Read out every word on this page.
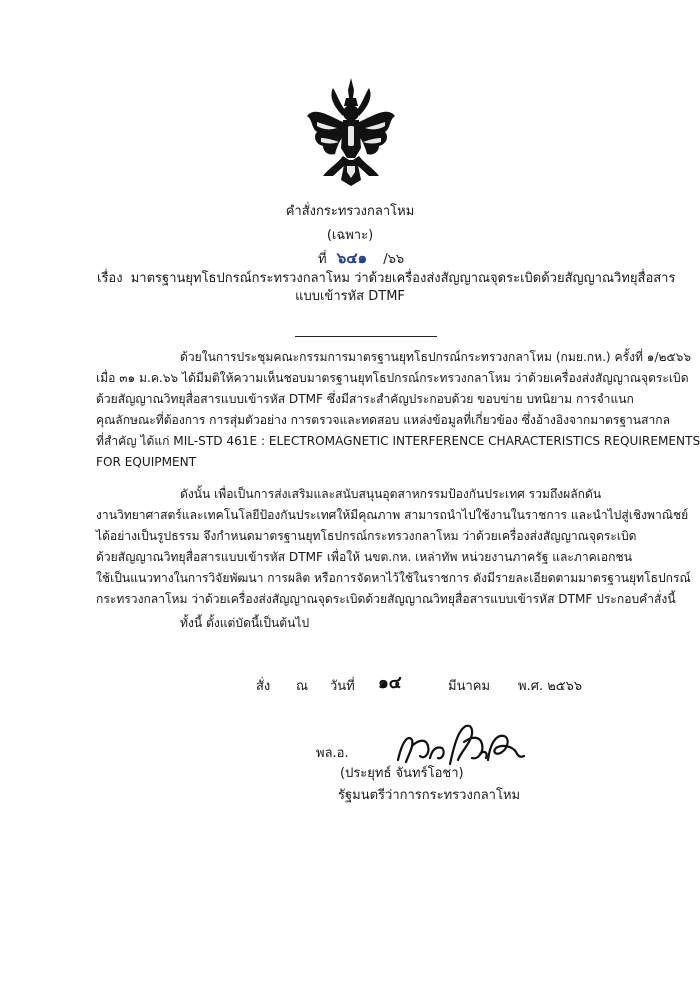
คำสั่งกระทรวงกลาโหม
(เฉพาะ)
ที่ ๖๔๑ /๖๖
เรื่อง มาตรฐานยุทโธปกรณ์กระทรวงกลาโหม ว่าด้วยเครื่องส่งสัญญาณจุดระเบิดด้วยสัญญาณวิทยุสื่อสาร
แบบเข้ารหัส DTMF
ด้วยในการประชุมคณะกรรมการมาตรฐานยุทโธปกรณ์กระทรวงกลาโหม (กมย.กห.) ครั้งที่ ๑/๒๕๖๖
เมื่อ ๓๑ ม.ค.๖๖ ได้มีมติให้ความเห็นชอบมาตรฐานยุทโธปกรณ์กระทรวงกลาโหม ว่าด้วยเครื่องส่งสัญญาณจุดระเบิด
ด้วยสัญญาณวิทยุสื่อสารแบบเข้ารหัส DTMF ซึ่งมีสาระสำคัญประกอบด้วย ขอบข่าย บทนิยาม การจำแนก
คุณลักษณะที่ต้องการ การสุ่มตัวอย่าง การตรวจและทดสอบ แหล่งข้อมูลที่เกี่ยวข้อง ซึ่งอ้างอิงจากมาตรฐานสากล
ที่สำคัญ ได้แก่ MIL-STD 461E : ELECTROMAGNETIC INTERFERENCE CHARACTERISTICS REQUIREMENTS
FOR EQUIPMENT
ดังนั้น เพื่อเป็นการส่งเสริมและสนับสนุนอุตสาหกรรมป้องกันประเทศ รวมถึงผลักดัน
งานวิทยาศาสตร์และเทคโนโลยีป้องกันประเทศให้มีคุณภาพ สามารถนำไปใช้งานในราชการ และนำไปสู่เชิงพาณิชย์
ได้อย่างเป็นรูปธรรม จึงกำหนดมาตรฐานยุทโธปกรณ์กระทรวงกลาโหม ว่าด้วยเครื่องส่งสัญญาณจุดระเบิด
ด้วยสัญญาณวิทยุสื่อสารแบบเข้ารหัส DTMF เพื่อให้ นขต.กห. เหล่าทัพ หน่วยงานภาครัฐ และภาคเอกชน
ใช้เป็นแนวทางในการวิจัยพัฒนา การผลิต หรือการจัดหาไว้ใช้ในราชการ ดังมีรายละเอียดตามมาตรฐานยุทโธปกรณ์
กระทรวงกลาโหม ว่าด้วยเครื่องส่งสัญญาณจุดระเบิดด้วยสัญญาณวิทยุสื่อสารแบบเข้ารหัส DTMF ประกอบคำสั่งนี้
ทั้งนี้ ตั้งแต่บัดนี้เป็นต้นไป
สั่ง ณ วันที่ ๑๔	มีนาคม พ.ศ. ๒๕๖๖
พล.อ.
(ประยุทธ์ จันทร์โอชา)
รัฐมนตรีว่าการกระทรวงกลาโหม
